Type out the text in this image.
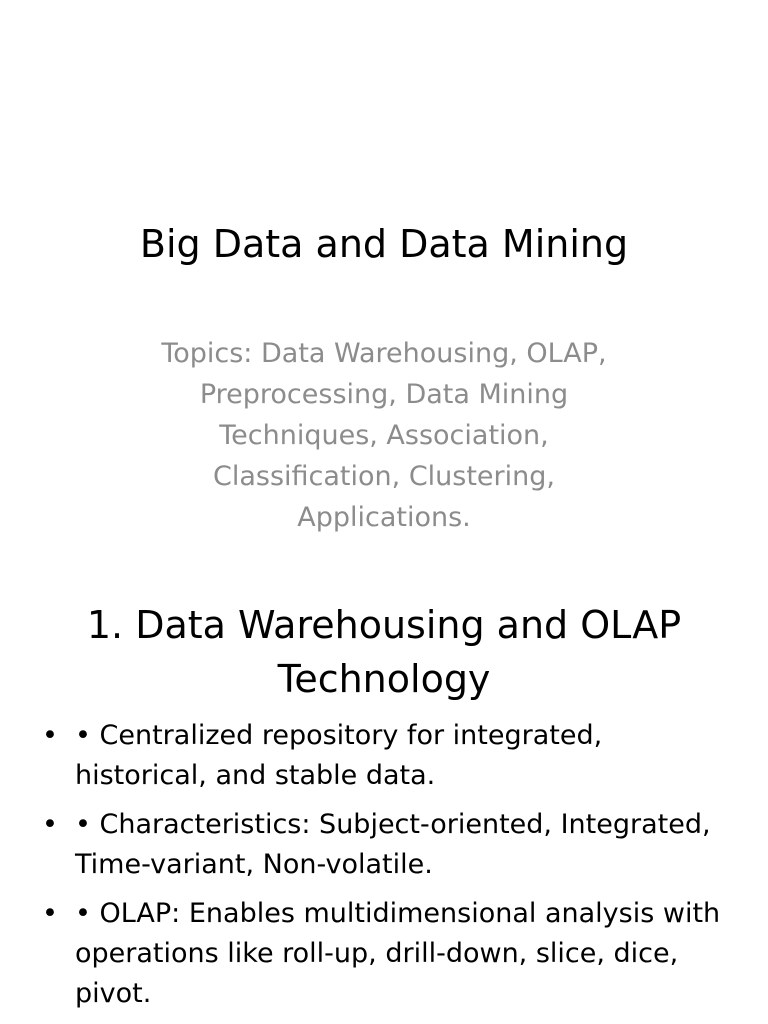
Big Data and Data Mining

Topics: Data Warehousing, OLAP, Preprocessing, Data Mining Techniques, Association, Classification, Clustering, Applications.

1. Data Warehousing and OLAP Technology
• • Centralized repository for integrated, historical, and stable data.
• • Characteristics: Subject-oriented, Integrated, Time-variant, Non-volatile.
• • OLAP: Enables multidimensional analysis with operations like roll-up, drill-down, slice, dice, pivot.
